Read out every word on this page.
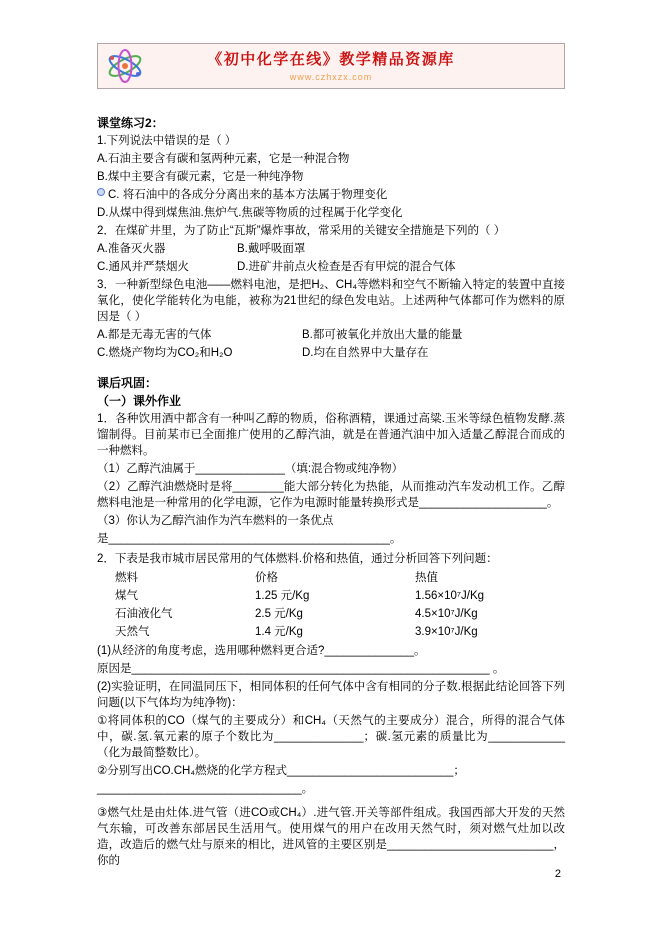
《初中化学在线》教学精品资源库
www.czhxzx.com

课堂练习2：

1.下列说法中错误的是（ ）

A.石油主要含有碳和氢两种元素，它是一种混合物

B.煤中主要含有碳元素，它是一种纯净物

C. 将石油中的各成分分离出来的基本方法属于物理变化

D.从煤中得到煤焦油.焦炉气.焦碳等物质的过程属于化学变化

2．在煤矿井里，为了防止“瓦斯”爆炸事故，常采用的关键安全措施是下列的（ ）

A.准备灭火器	B.戴呼吸面罩

C.通风并严禁烟火	D.进矿井前点火检查是否有甲烷的混合气体

3．一种新型绿色电池——燃料电池，是把H₂、CH₄等燃料和空气不断输入特定的装置中直接氧化，使化学能转化为电能，被称为21世纪的绿色发电站。上述两种气体都可作为燃料的原因是（ ）

A.都是无毒无害的气体	B.都可被氧化并放出大量的能量

C.燃烧产物均为CO₂和H₂O	D.均在自然界中大量存在

课后巩固：

（一）课外作业

1．各种饮用酒中都含有一种叫乙醇的物质，俗称酒精，课通过高粱.玉米等绿色植物发酵.蒸馏制得。目前某市已全面推广使用的乙醇汽油，就是在普通汽油中加入适量乙醇混合而成的一种燃料。

（1）乙醇汽油属于______________（填:混合物或纯净物）

（2）乙醇汽油燃烧时是将________能大部分转化为热能，从而推动汽车发动机工作。乙醇燃料电池是一种常用的化学电源，它作为电源时能量转换形式是____________________。

（3）你认为乙醇汽油作为汽车燃料的一条优点

是____________________________________________。

2．下表是我市城市居民常用的气体燃料.价格和热值，通过分析回答下列问题：

燃料	价格	热值
煤气	1.25 元/Kg	1.56×10⁷J/Kg
石油液化气	2.5 元/Kg	4.5×10⁷J/Kg
天然气	1.4 元/Kg	3.9×10⁷J/Kg

(1)从经济的角度考虑，选用哪种燃料更合适?______________。

原因是________________________________________________________ 。

(2)实验证明，在同温同压下，相同体积的任何气体中含有相同的分子数.根据此结论回答下列问题(以下气体均为纯净物)：

①将同体积的CO（煤气的主要成分）和CH₄（天然气的主要成分）混合，所得的混合气体中，碳.氢.氧元素的原子个数比为______________；碳.氢元素的质量比为____________（化为最简整数比）。

②分别写出CO.CH₄燃烧的化学方程式__________________________；

________________________________。

③燃气灶是由灶体.进气管（进CO或CH₄）.进气管.开关等部件组成。我国西部大开发的天然气东输，可改善东部居民生活用气。使用煤气的用户在改用天然气时，须对燃气灶加以改造，改造后的燃气灶与原来的相比，进风管的主要区别是__________________________，你的

2
